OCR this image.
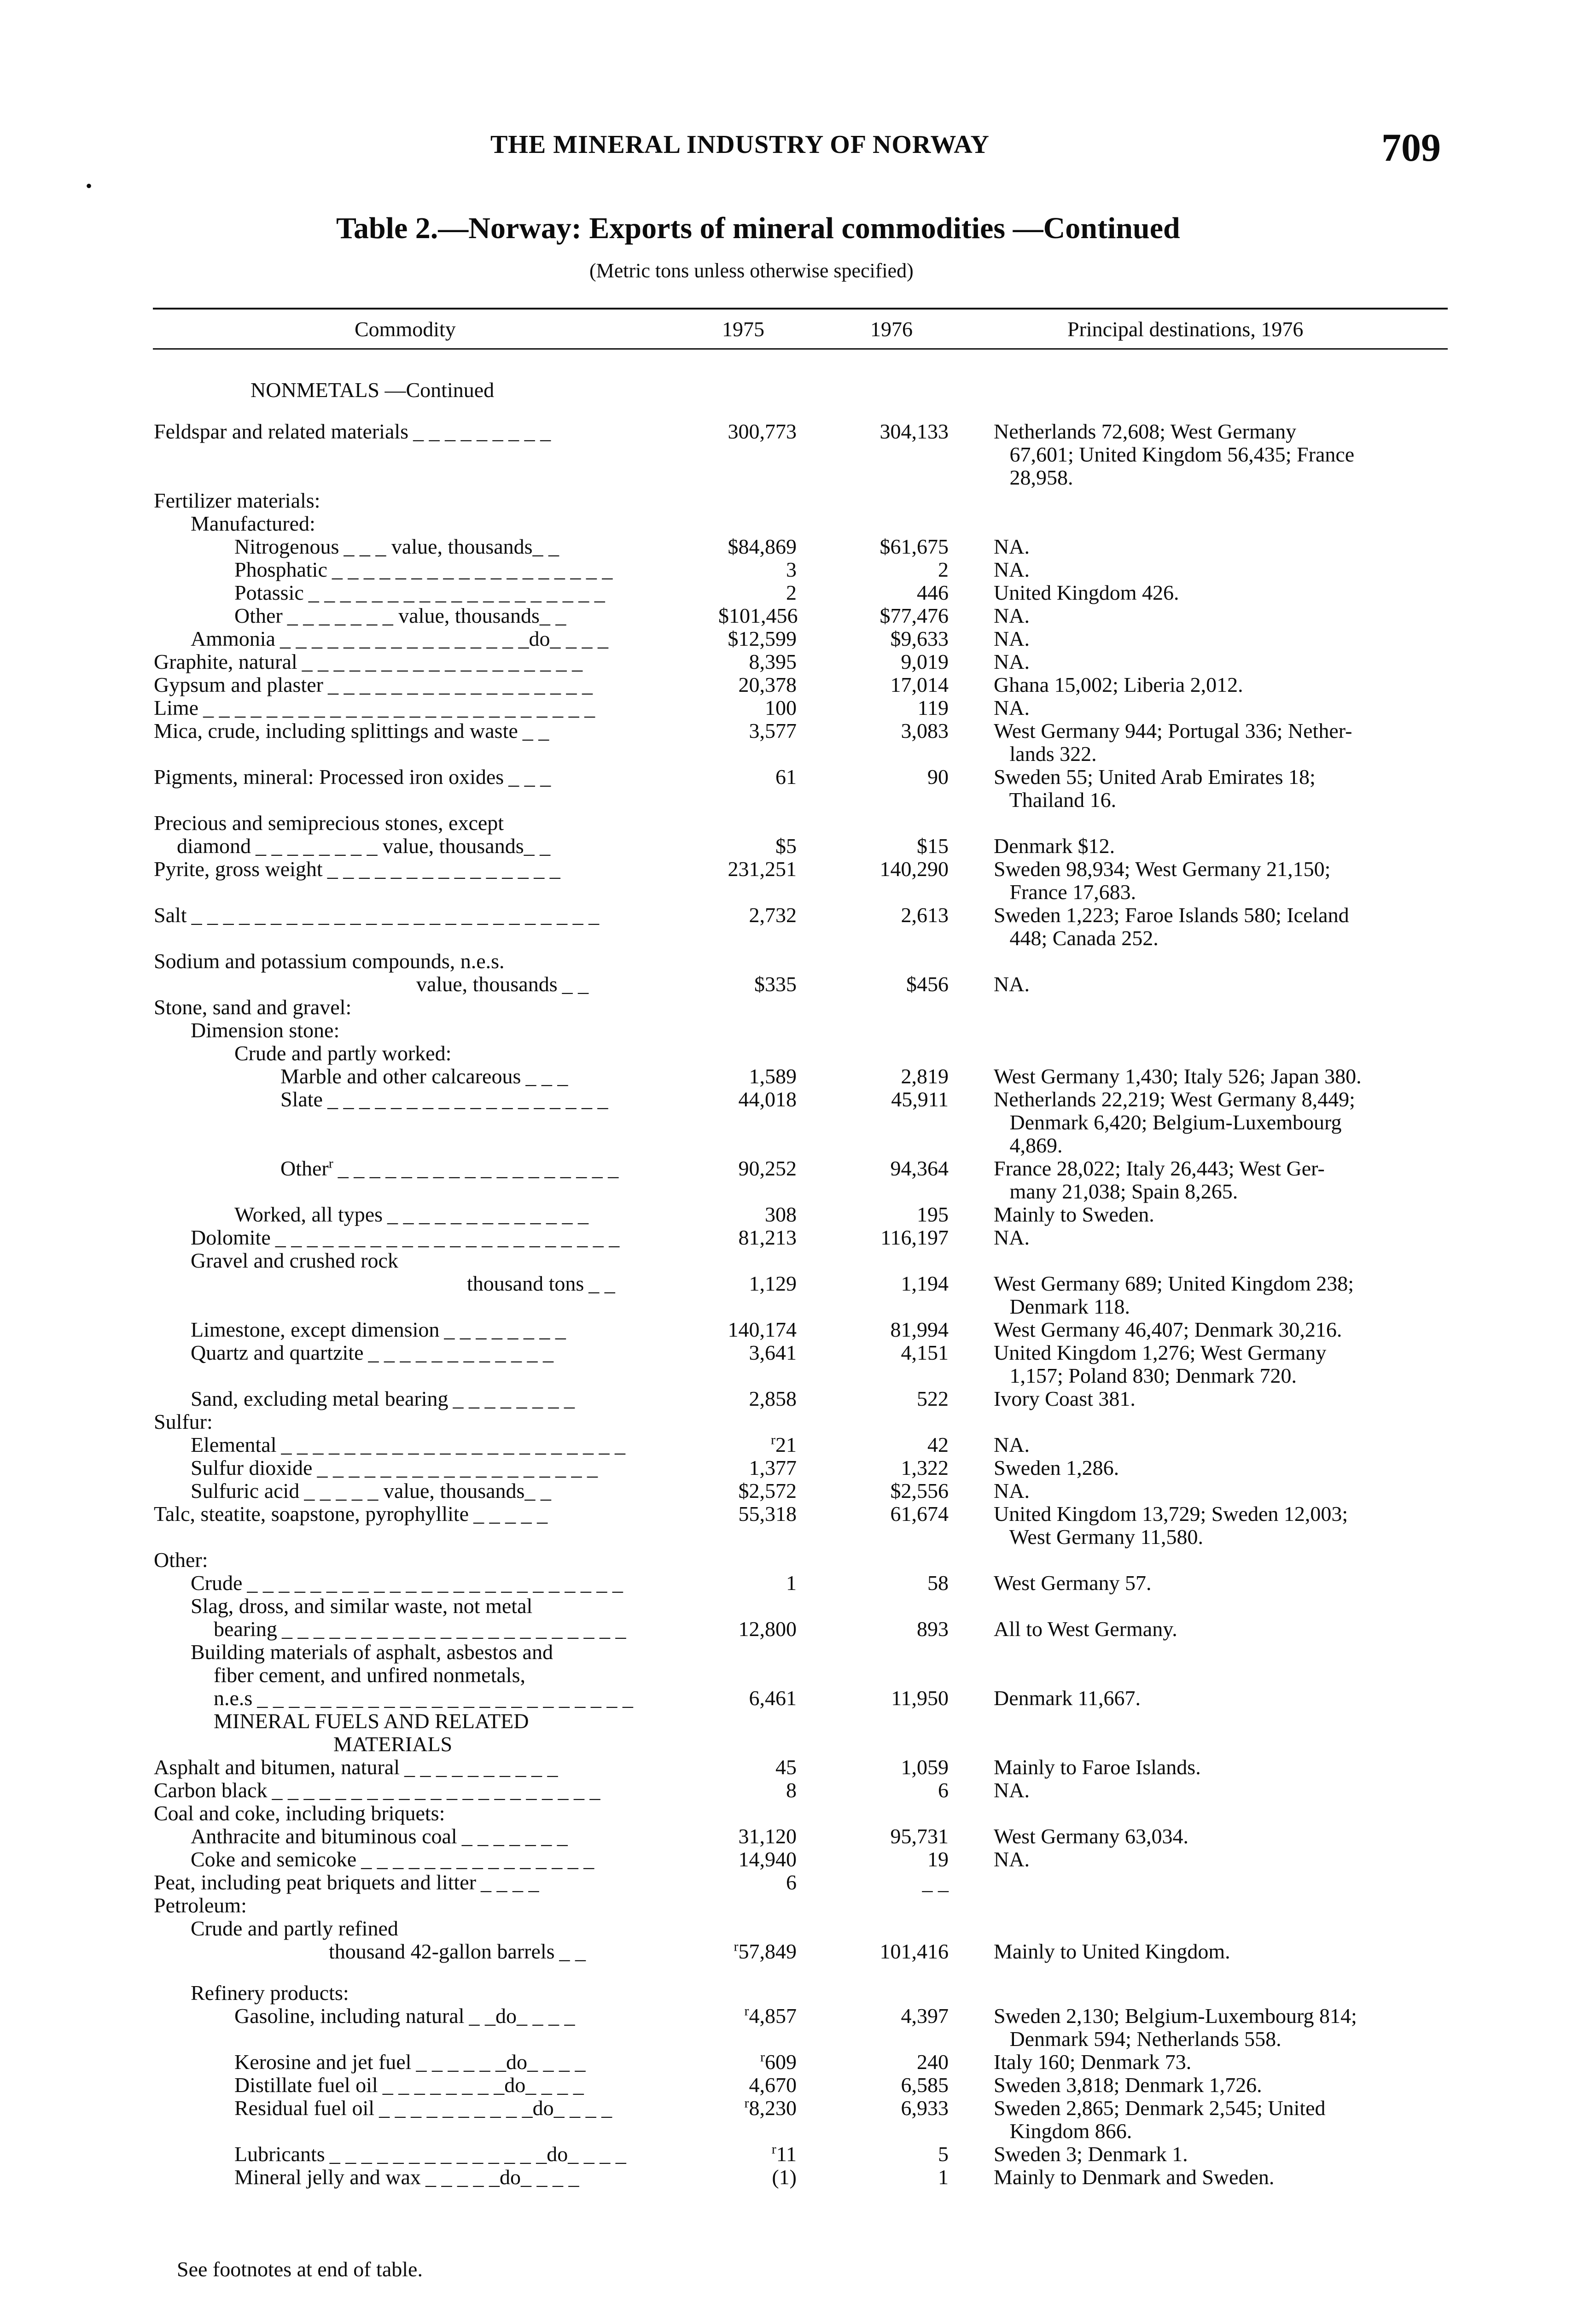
THE MINERAL INDUSTRY OF NORWAY	709
•
Table 2.—Norway: Exports of mineral commodities —Continued
(Metric tons unless otherwise specified)
Commodity	1975	1976	Principal destinations, 1976
NONMETALS —Continued
Feldspar and related materials _ _ _ _ _ _ _ _ _	300,773	304,133 Netherlands 72,608; West Germany
67,601; United Kingdom 56,435; France
28,958.
Fertilizer materials:
Manufactured:
Nitrogenous _ _ _ value, thousands_ _	$84,869	$61,675 NA.
Phosphatic _ _ _ _ _ _ _ _ _ _ _ _ _ _ _ _ _ _	3	2 NA.
Potassic _ _ _ _ _ _ _ _ _ _ _ _ _ _ _ _ _ _ _	2	446 United Kingdom 426.
Other _ _ _ _ _ _ _ value, thousands_ _	$101,456	$77,476 NA.
Ammonia _ _ _ _ _ _ _ _ _ _ _ _ _ _ _ _do_ _ _ _	$12,599	$9,633 NA.
Graphite, natural _ _ _ _ _ _ _ _ _ _ _ _ _ _ _ _ _ _	8,395	9,019 NA.
Gypsum and plaster _ _ _ _ _ _ _ _ _ _ _ _ _ _ _ _ _	20,378	17,014 Ghana 15,002; Liberia 2,012.
Lime _ _ _ _ _ _ _ _ _ _ _ _ _ _ _ _ _ _ _ _ _ _ _ _ _	100	119 NA.
Mica, crude, including splittings and waste _ _	3,577	3,083 West Germany 944; Portugal 336; Nether-
lands 322.
Pigments, mineral: Processed iron oxides _ _ _	61	90 Sweden 55; United Arab Emirates 18;
Thailand 16.
Precious and semiprecious stones, except
diamond _ _ _ _ _ _ _ _ value, thousands_ _	$5	$15 Denmark $12.
Pyrite, gross weight _ _ _ _ _ _ _ _ _ _ _ _ _ _ _	231,251	140,290 Sweden 98,934; West Germany 21,150;
France 17,683.
Salt _ _ _ _ _ _ _ _ _ _ _ _ _ _ _ _ _ _ _ _ _ _ _ _ _ _	2,732	2,613 Sweden 1,223; Faroe Islands 580; Iceland
448; Canada 252.
Sodium and potassium compounds, n.e.s.
value, thousands _ _	$335	$456 NA.
Stone, sand and gravel:
Dimension stone:
Crude and partly worked:
Marble and other calcareous _ _ _	1,589	2,819 West Germany 1,430; Italy 526; Japan 380.
Slate _ _ _ _ _ _ _ _ _ _ _ _ _ _ _ _ _ _	44,018	45,911 Netherlands 22,219; West Germany 8,449;
Denmark 6,420; Belgium-Luxembourg
4,869.
Other$^r$ _ _ _ _ _ _ _ _ _ _ _ _ _ _ _ _ _ _	90,252	94,364 France 28,022; Italy 26,443; West Ger-
many 21,038; Spain 8,265.
Worked, all types _ _ _ _ _ _ _ _ _ _ _ _ _	308	195 Mainly to Sweden.
Dolomite _ _ _ _ _ _ _ _ _ _ _ _ _ _ _ _ _ _ _ _ _ _	81,213	116,197 NA.
Gravel and crushed rock
thousand tons _ _	1,129	1,194 West Germany 689; United Kingdom 238;
Denmark 118.
Limestone, except dimension _ _ _ _ _ _ _ _	140,174	81,994 West Germany 46,407; Denmark 30,216.
Quartz and quartzite _ _ _ _ _ _ _ _ _ _ _ _	3,641	4,151 United Kingdom 1,276; West Germany
1,157; Poland 830; Denmark 720.
Sand, excluding metal bearing _ _ _ _ _ _ _ _	2,858	522 Ivory Coast 381.
Sulfur:
Elemental _ _ _ _ _ _ _ _ _ _ _ _ _ _ _ _ _ _ _ _ _ _	$^r$21	42 NA.
Sulfur dioxide _ _ _ _ _ _ _ _ _ _ _ _ _ _ _ _ _ _	1,377	1,322 Sweden 1,286.
Sulfuric acid _ _ _ _ _ value, thousands_ _	$2,572	$2,556 NA.
Talc, steatite, soapstone, pyrophyllite _ _ _ _ _	55,318	61,674 United Kingdom 13,729; Sweden 12,003;
West Germany 11,580.
Other:
Crude _ _ _ _ _ _ _ _ _ _ _ _ _ _ _ _ _ _ _ _ _ _ _ _	1	58 West Germany 57.
Slag, dross, and similar waste, not metal
bearing _ _ _ _ _ _ _ _ _ _ _ _ _ _ _ _ _ _ _ _ _ _	12,800	893 All to West Germany.
Building materials of asphalt, asbestos and
fiber cement, and unfired nonmetals,
n.e.s _ _ _ _ _ _ _ _ _ _ _ _ _ _ _ _ _ _ _ _ _ _ _ _	6,461	11,950 Denmark 11,667.
MINERAL FUELS AND RELATED
MATERIALS
Asphalt and bitumen, natural _ _ _ _ _ _ _ _ _ _	45	1,059 Mainly to Faroe Islands.
Carbon black _ _ _ _ _ _ _ _ _ _ _ _ _ _ _ _ _ _ _ _ _	8	6 NA.
Coal and coke, including briquets:
Anthracite and bituminous coal _ _ _ _ _ _ _	31,120	95,731 West Germany 63,034.
Coke and semicoke _ _ _ _ _ _ _ _ _ _ _ _ _ _ _	14,940	19 NA.
Peat, including peat briquets and litter _ _ _ _	6	_ _
Petroleum:
Crude and partly refined
thousand 42-gallon barrels _ _	$^r$57,849	101,416 Mainly to United Kingdom.
Refinery products:
Gasoline, including natural _ _do_ _ _ _	$^r$4,857	4,397 Sweden 2,130; Belgium-Luxembourg 814;
Denmark 594; Netherlands 558.
Kerosine and jet fuel _ _ _ _ _ _do_ _ _ _	$^r$609	240 Italy 160; Denmark 73.
Distillate fuel oil _ _ _ _ _ _ _ _do_ _ _ _	4,670	6,585 Sweden 3,818; Denmark 1,726.
Residual fuel oil _ _ _ _ _ _ _ _ _ _do_ _ _ _	$^r$8,230	6,933 Sweden 2,865; Denmark 2,545; United
Kingdom 866.
Lubricants _ _ _ _ _ _ _ _ _ _ _ _ _ _do_ _ _ _	$^r$11	5 Sweden 3; Denmark 1.
Mineral jelly and wax _ _ _ _ _do_ _ _ _	(1)	1 Mainly to Denmark and Sweden.
See footnotes at end of table.
